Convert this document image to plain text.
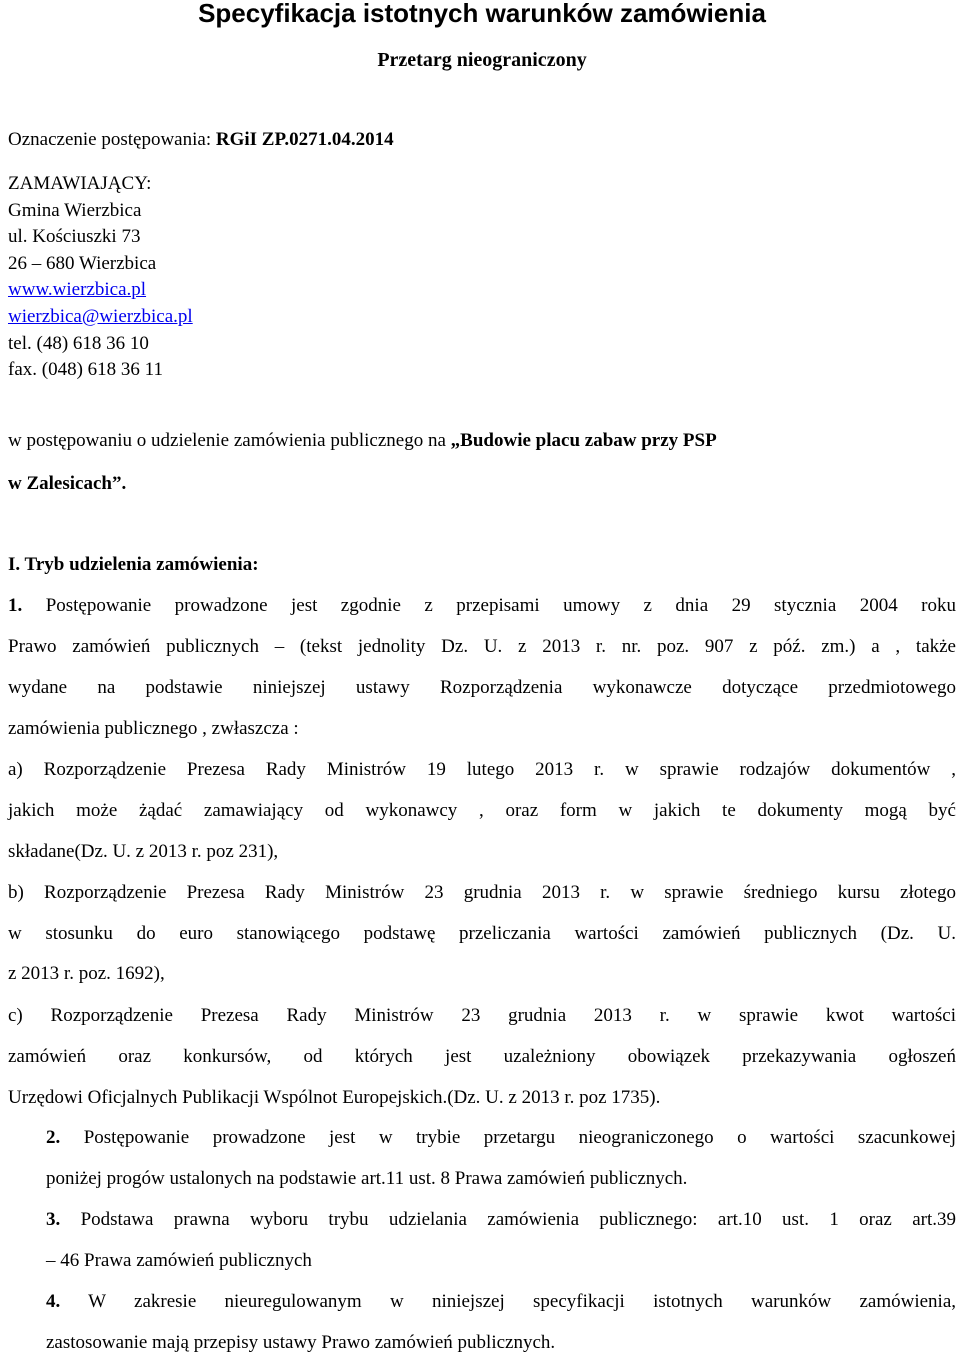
Specyfikacja istotnych warunków zamówienia
Przetarg nieograniczony
Oznaczenie postępowania: RGiI ZP.0271.04.2014
ZAMAWIAJĄCY:
Gmina Wierzbica
ul. Kościuszki 73
26 – 680 Wierzbica
www.wierzbica.pl
wierzbica@wierzbica.pl
tel. (48) 618 36 10
fax. (048) 618 36 11
w postępowaniu o udzielenie zamówienia publicznego na „Budowie placu zabaw przy PSP
w Zalesicach”.
I. Tryb udzielenia zamówienia:
1. Postępowanie prowadzone jest zgodnie z przepisami umowy z dnia 29 stycznia 2004 roku
Prawo zamówień publicznych – (tekst jednolity Dz. U. z 2013 r. nr. poz. 907 z póź. zm.) a , także
wydane na podstawie niniejszej ustawy Rozporządzenia wykonawcze dotyczące przedmiotowego
zamówienia publicznego , zwłaszcza :
a) Rozporządzenie Prezesa Rady Ministrów 19 lutego 2013 r. w sprawie rodzajów dokumentów ,
jakich może żądać zamawiający od wykonawcy , oraz form w jakich te dokumenty mogą być
składane(Dz. U. z 2013 r. poz 231),
b) Rozporządzenie Prezesa Rady Ministrów 23 grudnia 2013 r. w sprawie średniego kursu złotego
w stosunku do euro stanowiącego podstawę przeliczania wartości zamówień publicznych (Dz. U.
z 2013 r. poz. 1692),
c) Rozporządzenie Prezesa Rady Ministrów 23 grudnia 2013 r. w sprawie kwot wartości
zamówień oraz konkursów, od których jest uzależniony obowiązek przekazywania ogłoszeń
Urzędowi Oficjalnych Publikacji Wspólnot Europejskich.(Dz. U. z 2013 r. poz 1735).
2. Postępowanie prowadzone jest w trybie przetargu nieograniczonego o wartości szacunkowej
poniżej progów ustalonych na podstawie art.11 ust. 8 Prawa zamówień publicznych.
3. Podstawa prawna wyboru trybu udzielania zamówienia publicznego: art.10 ust. 1 oraz art.39
– 46 Prawa zamówień publicznych
4. W zakresie nieuregulowanym w niniejszej specyfikacji istotnych warunków zamówienia,
zastosowanie mają przepisy ustawy Prawo zamówień publicznych.
